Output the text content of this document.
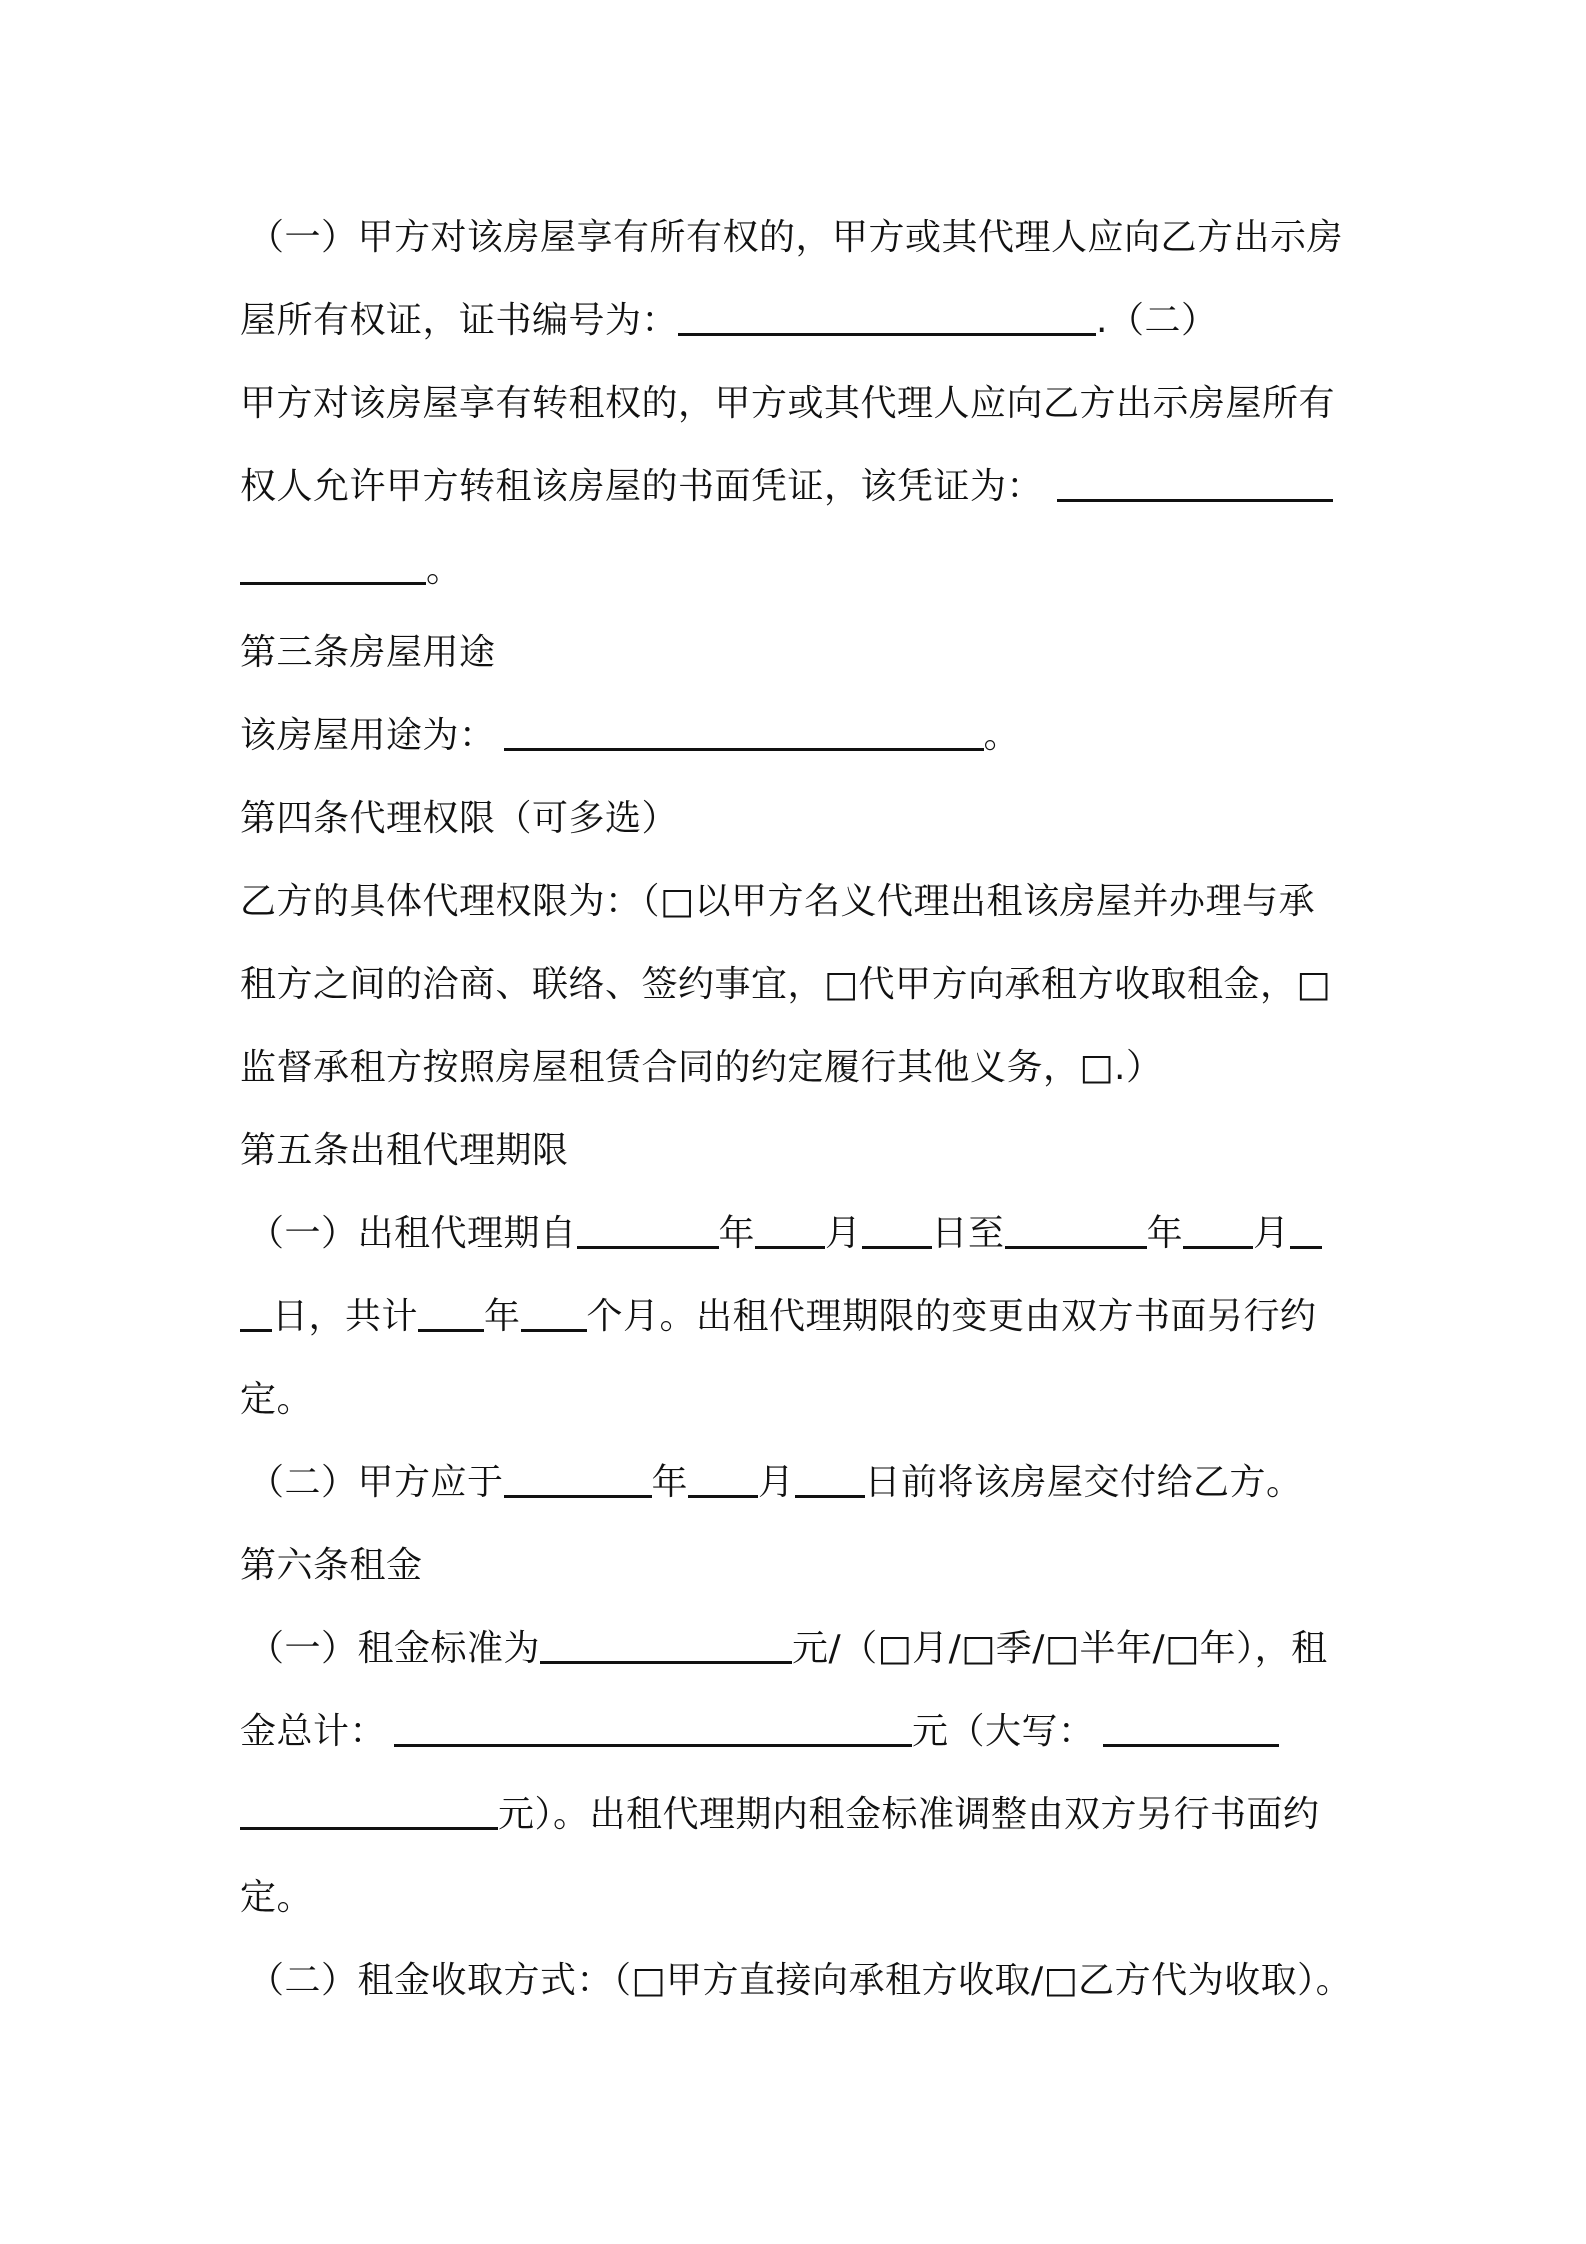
（一）甲方对该房屋享有所有权的，甲方或其代理人应向乙方出示房
屋所有权证，证书编号为：	.（二）
甲方对该房屋享有转租权的，甲方或其代理人应向乙方出示房屋所有
权人允许甲方转租该房屋的书面凭证，该凭证为：
。
第三条房屋用途
该房屋用途为：	。
第四条代理权限（可多选）
乙方的具体代理权限为：（□以甲方名义代理出租该房屋并办理与承
租方之间的洽商、联络、签约事宜，□代甲方向承租方收取租金，□
监督承租方按照房屋租赁合同的约定履行其他义务，□.）
第五条出租代理期限
（一）出租代理期自	年 月 日至	年 月
日，共计 年 个月。出租代理期限的变更由双方书面另行约
定。
（二）甲方应于	年 月 日前将该房屋交付给乙方。
第六条租金
（一）租金标准为	元/（□月/□季/□半年/□年），租
金总计：	元（大写：
元）。出租代理期内租金标准调整由双方另行书面约
定。
（二）租金收取方式：（□甲方直接向承租方收取/□乙方代为收取）。
